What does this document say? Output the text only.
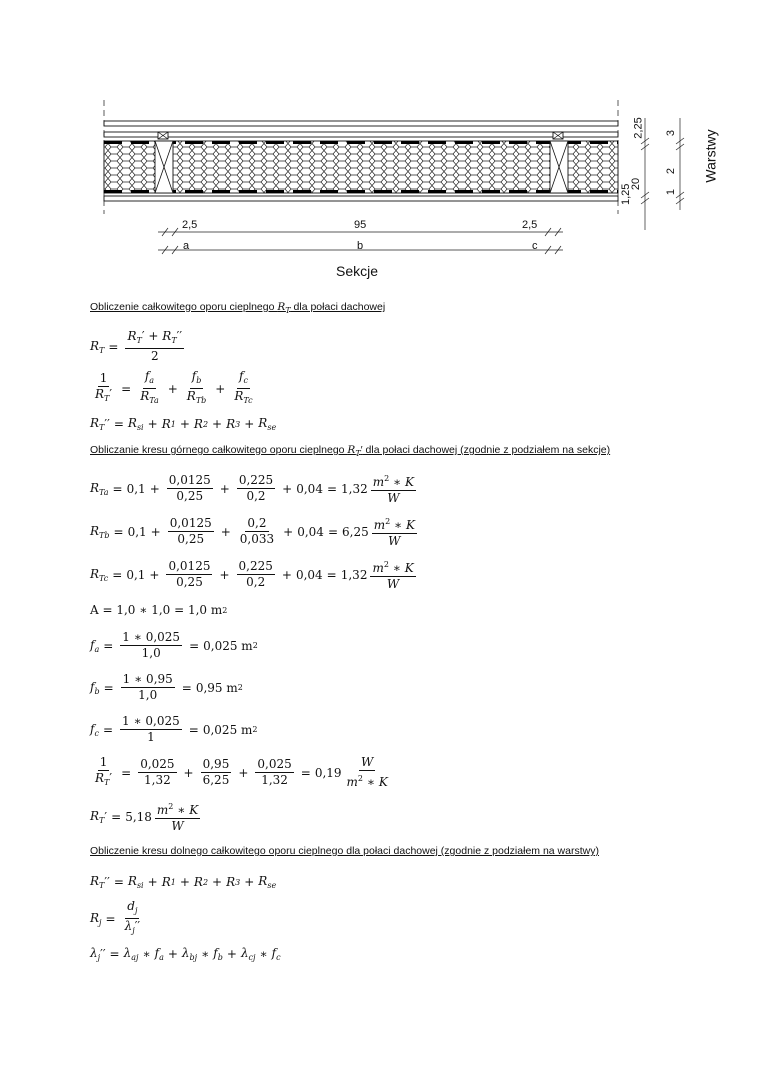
2,5	95	2,5
a	b	c
Sekcje
1,25
20
2,25
1
2
3 Warstwy
Obliczenie całkowitego oporu cieplnego $R_T$ dla połaci dachowej
$R_T = \frac{R_T' + R_T''}{2}$
$\frac{1}{R_T'} = \frac{f_a}{R_{Ta}} + \frac{f_b}{R_{Tb}} + \frac{f_c}{R_{Tc}}$
$R_T$ ′′ = $R_{si} + R$ 1 + R 2 + R $3 + R_{se}$
Obliczanie kresu górnego całkowitego oporu cieplnego $R_T'$ dla połaci dachowej (zgodnie z podziałem na sekcje)
$R_{Ta} = 0,1 + \frac{0,0125}{0,25} + \frac{0,225}{0,2} + 0,04 = 1,32 \frac{m^2 ∗ K}{W}$
$R_{Tb} = 0,1 + \frac{0,0125}{0,25} + \frac{0,2}{0,033} + 0,04 = 6,25 \frac{m^2 ∗ K}{W}$
$R_{Tc} = 0,1 + \frac{0,0125}{0,25} + \frac{0,225}{0,2} + 0,04 = 1,32 \frac{m^2 ∗ K}{W}$
A = 1,0 ∗ 1,0 = 1,0 m 2
$f_a = \frac{1 ∗ 0,025}{1,0} = 0,025$ m 2
$f_b = \frac{1 ∗ 0,95}{1,0} = 0,95$ m 2
$f_c = \frac{1 ∗ 0,025}{1} = 0,025$ m 2
$\frac{1}{R_T'} = \frac{0,025}{1,32} + \frac{0,95}{6,25} + \frac{0,025}{1,32} = 0,19 \frac{W}{m^2 ∗ K}$
$R_T$ ′ = $5,18 \frac{m^2 ∗ K}{W}$
Obliczenie kresu dolnego całkowitego oporu cieplnego dla połaci dachowej (zgodnie z podziałem na warstwy)
$R_T$ ′′ = $R_{si} + R$ 1 + R 2 + R $3 + R_{se}$
$R_j = \frac{d_j}{\lambda_j''}$
$\lambda_j$ ′′ = $\lambda_{aj}$ ∗ $f_a + \lambda_{bj}$ ∗ $f_b + \lambda_{cj}$ ∗ $f_c$
